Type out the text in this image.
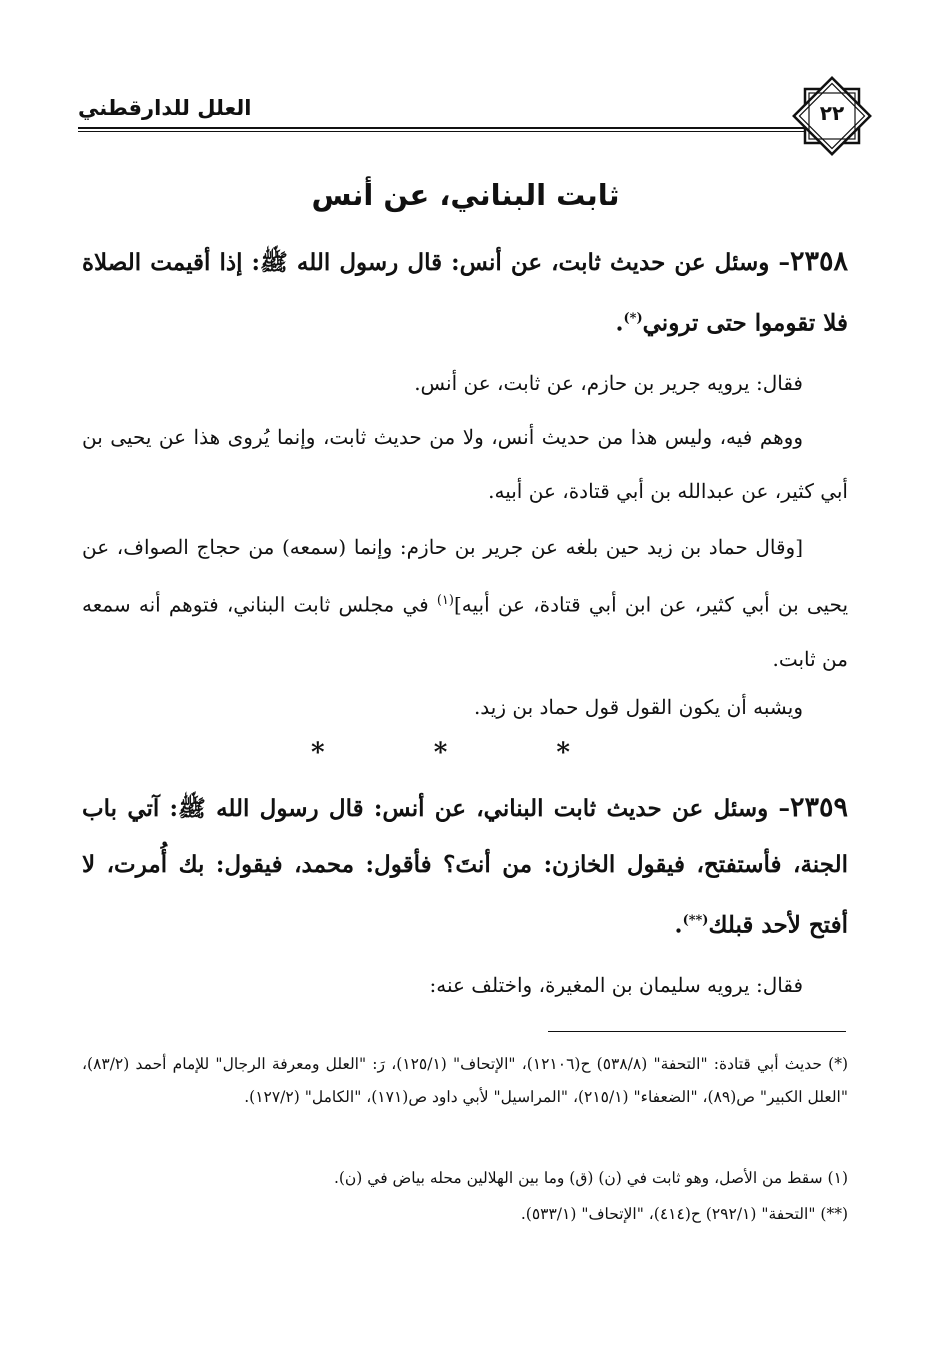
العلل للدارقطني	٢٢
ثابت البناني، عن أنس
٢٣٥٨– وسئل عن حديث ثابت، عن أنس: قال رسول الله ﷺ: إذا أقيمت الصلاة فلا تقوموا حتى تروني(*).
فقال: يرويه جرير بن حازم، عن ثابت، عن أنس.
ووهم فيه، وليس هذا من حديث أنس، ولا من حديث ثابت، وإنما يُروى هذا عن يحيى بن أبي كثير، عن عبدالله بن أبي قتادة، عن أبيه.
[وقال حماد بن زيد حين بلغه عن جرير بن حازم: وإنما (سمعه) من حجاج الصواف، عن يحيى بن أبي كثير، عن ابن أبي قتادة، عن أبيه]$^{(١)}$ في مجلس ثابت البناني، فتوهم أنه سمعه من ثابت.
ويشبه أن يكون القول قول حماد بن زيد.
* * *
٢٣٥٩– وسئل عن حديث ثابت البناني، عن أنس: قال رسول الله ﷺ: آتي باب الجنة، فأستفتح، فيقول الخازن: من أنتَ؟ فأقول: محمد، فيقول: بك أُمرت، لا أفتح لأحد قبلك(**).
فقال: يرويه سليمان بن المغيرة، واختلف عنه:
(*) حديث أبي قتادة: "التحفة" (٥٣٨/٨) ح(١٢١٠٦)، "الإتحاف" (١٢٥/١)، رَ: "العلل ومعرفة الرجال" للإمام أحمد (٨٣/٢)، "العلل الكبير" ص(٨٩)، "الضعفاء" (٢١٥/١)، "المراسيل" لأبي داود ص(١٧١)، "الكامل" (١٢٧/٢).
(١) سقط من الأصل، وهو ثابت في (ن) (ق) وما بين الهلالين محله بياض في (ن).
(**) "التحفة" (٢٩٢/١) ح(٤١٤)، "الإتحاف" (٥٣٣/١).
